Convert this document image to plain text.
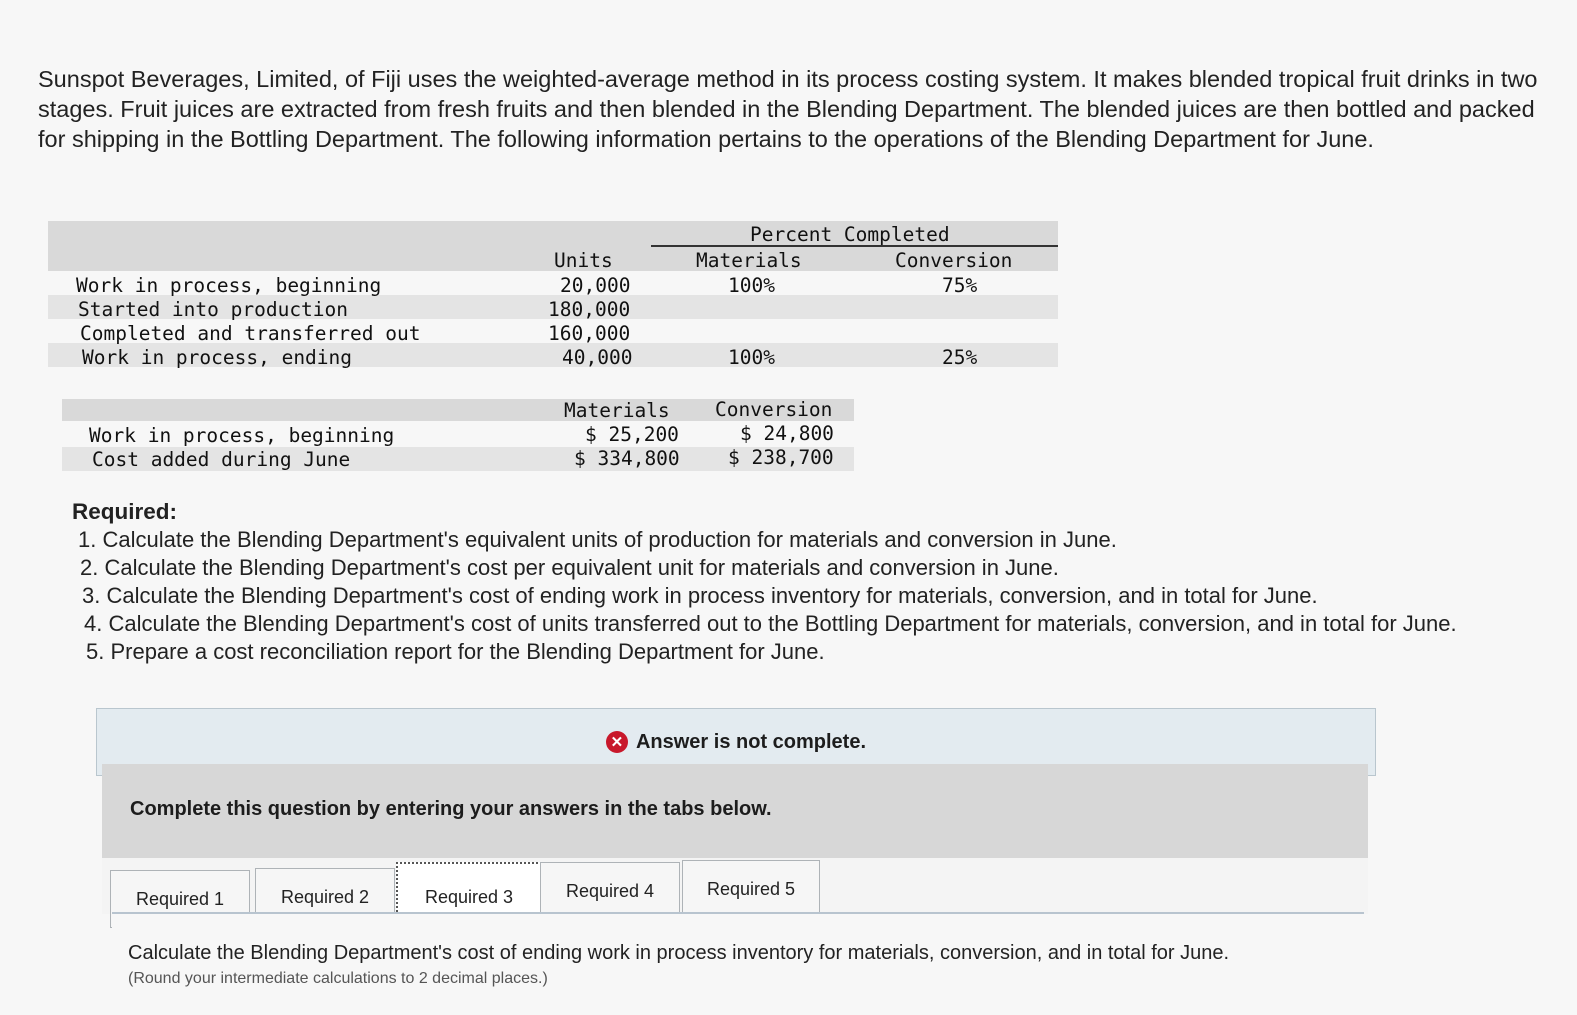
Sunspot Beverages, Limited, of Fiji uses the weighted-average method in its process costing system. It makes blended tropical fruit drinks in two stages. Fruit juices are extracted from fresh fruits and then blended in the Blending Department. The blended juices are then bottled and packed for shipping in the Bottling Department. The following information pertains to the operations of the Blending Department for June.
Percent Completed
Units	Materials	Conversion
Work in process, beginning	20,000	100%	75%
Started into production	180,000
Completed and transferred out	160,000
Work in process, ending	40,000	100%	25%
Materials Conversion
Work in process, beginning	$ 25,200	$ 24,800
Cost added during June	$ 334,800 $ 238,700
Required:
1. Calculate the Blending Department's equivalent units of production for materials and conversion in June.
2. Calculate the Blending Department's cost per equivalent unit for materials and conversion in June.
3. Calculate the Blending Department's cost of ending work in process inventory for materials, conversion, and in total for June.
4. Calculate the Blending Department's cost of units transferred out to the Bottling Department for materials, conversion, and in total for June.
5. Prepare a cost reconciliation report for the Blending Department for June.
✕ Answer is not complete.
Complete this question by entering your answers in the tabs below.
Required 1	Required 2	Required 3	Required 4	Required 5
Calculate the Blending Department's cost of ending work in process inventory for materials, conversion, and in total for June.
(Round your intermediate calculations to 2 decimal places.)
